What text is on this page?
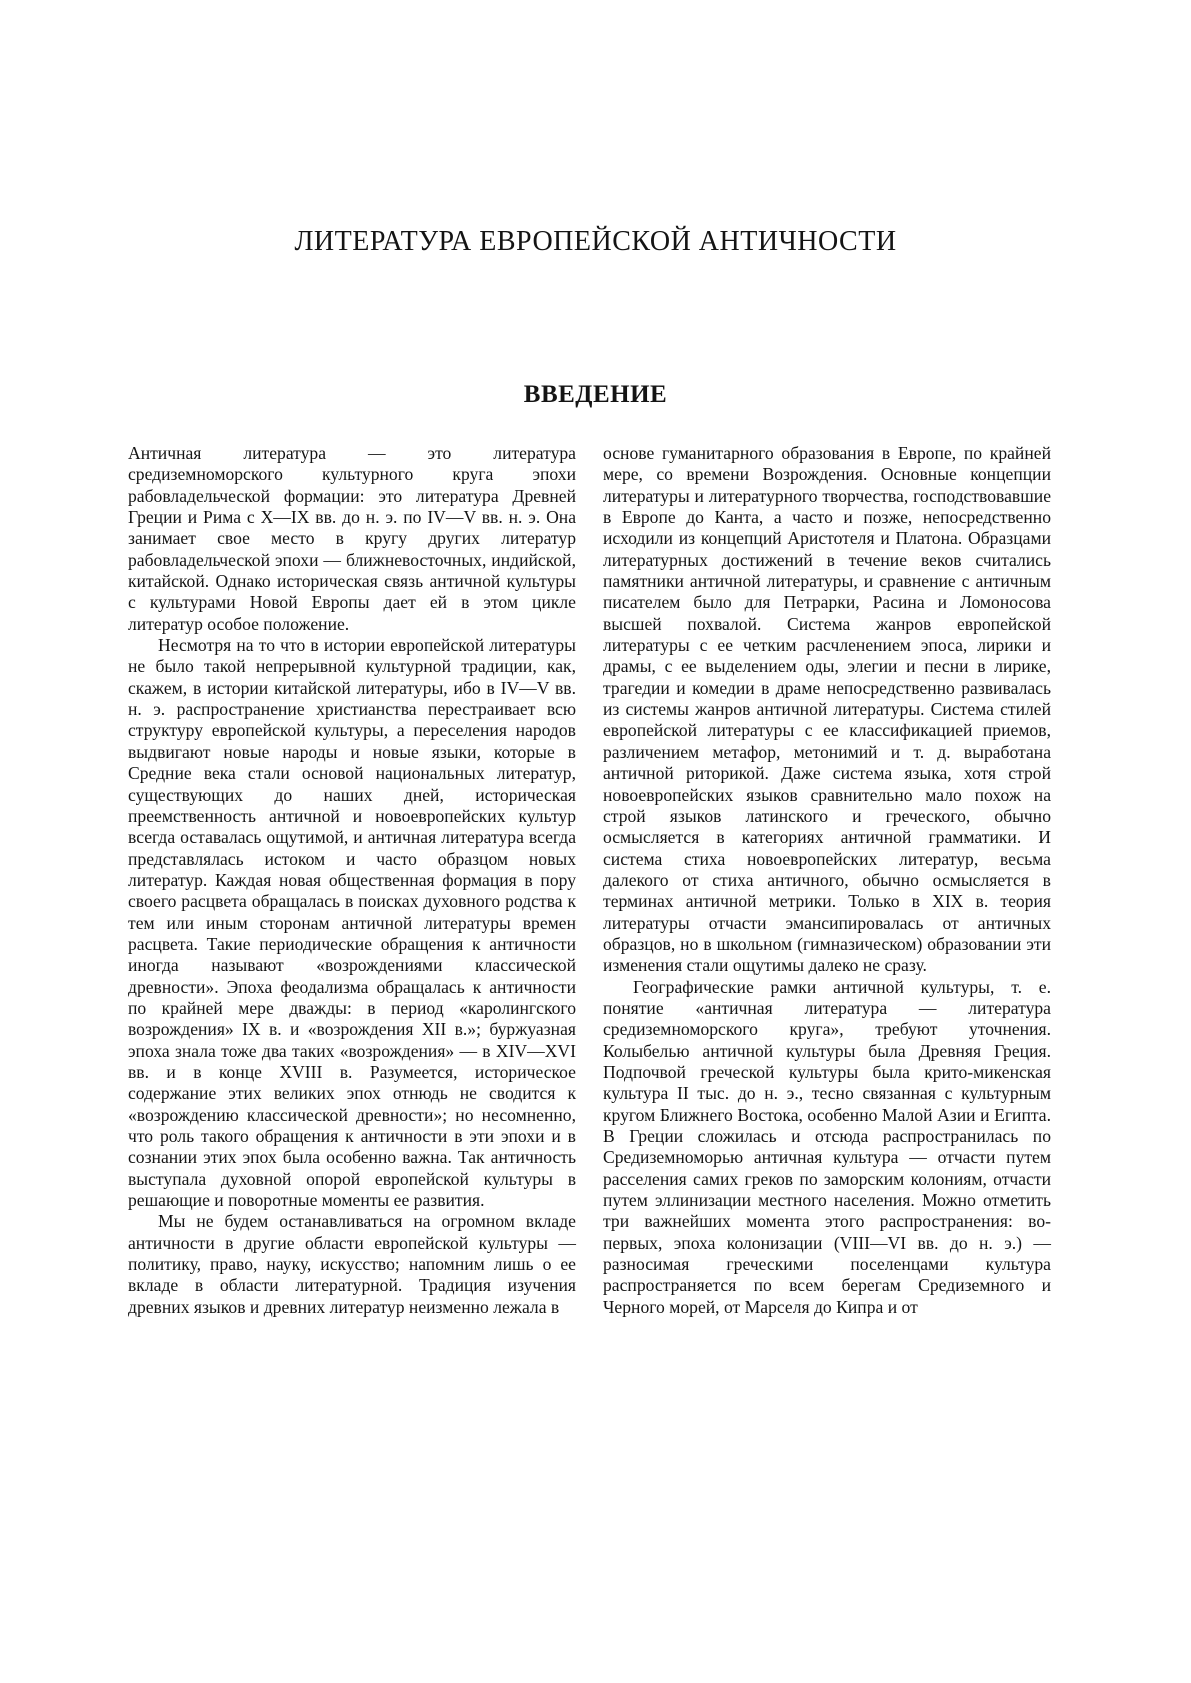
ЛИТЕРАТУРА ЕВРОПЕЙСКОЙ АНТИЧНОСТИ
ВВЕДЕНИЕ

Античная литература — это литература средиземноморского культурного круга эпохи рабовладельческой формации: это литература Древней Греции и Рима с X—IX вв. до н. э. по IV—V вв. н. э. Она занимает свое место в кругу других литератур рабовладельческой эпохи — ближневосточных, индийской, китайской. Однако историческая связь античной культуры с культурами Новой Европы дает ей в этом цикле литератур особое положение.

Несмотря на то что в истории европейской литературы не было такой непрерывной культурной традиции, как, скажем, в истории китайской литературы, ибо в IV—V вв. н. э. распространение христианства перестраивает всю структуру европейской культуры, а переселения народов выдвигают новые народы и новые языки, которые в Средние века стали основой национальных литератур, существующих до наших дней, историческая преемственность античной и новоевропейских культур всегда оставалась ощутимой, и античная литература всегда представлялась истоком и часто образцом новых литератур. Каждая новая общественная формация в пору своего расцвета обращалась в поисках духовного родства к тем или иным сторонам античной литературы времен расцвета. Такие периодические обращения к античности иногда называют «возрождениями классической древности». Эпоха феодализма обращалась к античности по крайней мере дважды: в период «каролингского возрождения» IX в. и «возрождения XII в.»; буржуазная эпоха знала тоже два таких «возрождения» — в XIV—XVI вв. и в конце XVIII в. Разумеется, историческое содержание этих великих эпох отнюдь не сводится к «возрождению классической древности»; но несомненно, что роль такого обращения к античности в эти эпохи и в сознании этих эпох была особенно важна. Так античность выступала духовной опорой европейской культуры в решающие и поворотные моменты ее развития.

Мы не будем останавливаться на огромном вкладе античности в другие области европейской культуры — политику, право, науку, искусство; напомним лишь о ее вкладе в области литературной. Традиция изучения древних языков и древних литератур неизменно лежала в

основе гуманитарного образования в Европе, по крайней мере, со времени Возрождения. Основные концепции литературы и литературного творчества, господствовавшие в Европе до Канта, а часто и позже, непосредственно исходили из концепций Аристотеля и Платона. Образцами литературных достижений в течение веков считались памятники античной литературы, и сравнение с античным писателем было для Петрарки, Расина и Ломоносова высшей похвалой. Система жанров европейской литературы с ее четким расчленением эпоса, лирики и драмы, с ее выделением оды, элегии и песни в лирике, трагедии и комедии в драме непосредственно развивалась из системы жанров античной литературы. Система стилей европейской литературы с ее классификацией приемов, различением метафор, метонимий и т. д. выработана античной риторикой. Даже система языка, хотя строй новоевропейских языков сравнительно мало похож на строй языков латинского и греческого, обычно осмысляется в категориях античной грамматики. И система стиха новоевропейских литератур, весьма далекого от стиха античного, обычно осмысляется в терминах античной метрики. Только в XIX в. теория литературы отчасти эмансипировалась от античных образцов, но в школьном (гимназическом) образовании эти изменения стали ощутимы далеко не сразу.

Географические рамки античной культуры, т. е. понятие «античная литература — литература средиземноморского круга», требуют уточнения. Колыбелью античной культуры была Древняя Греция. Подпочвой греческой культуры была крито-микенская культура II тыс. до н. э., тесно связанная с культурным кругом Ближнего Востока, особенно Малой Азии и Египта. В Греции сложилась и отсюда распространилась по Средиземноморью античная культура — отчасти путем расселения самих греков по заморским колониям, отчасти путем эллинизации местного населения. Можно отметить три важнейших момента этого распространения: во-первых, эпоха колонизации (VIII—VI вв. до н. э.) — разносимая греческими поселенцами культура распространяется по всем берегам Средиземного и Черного морей, от Марселя до Кипра и от
